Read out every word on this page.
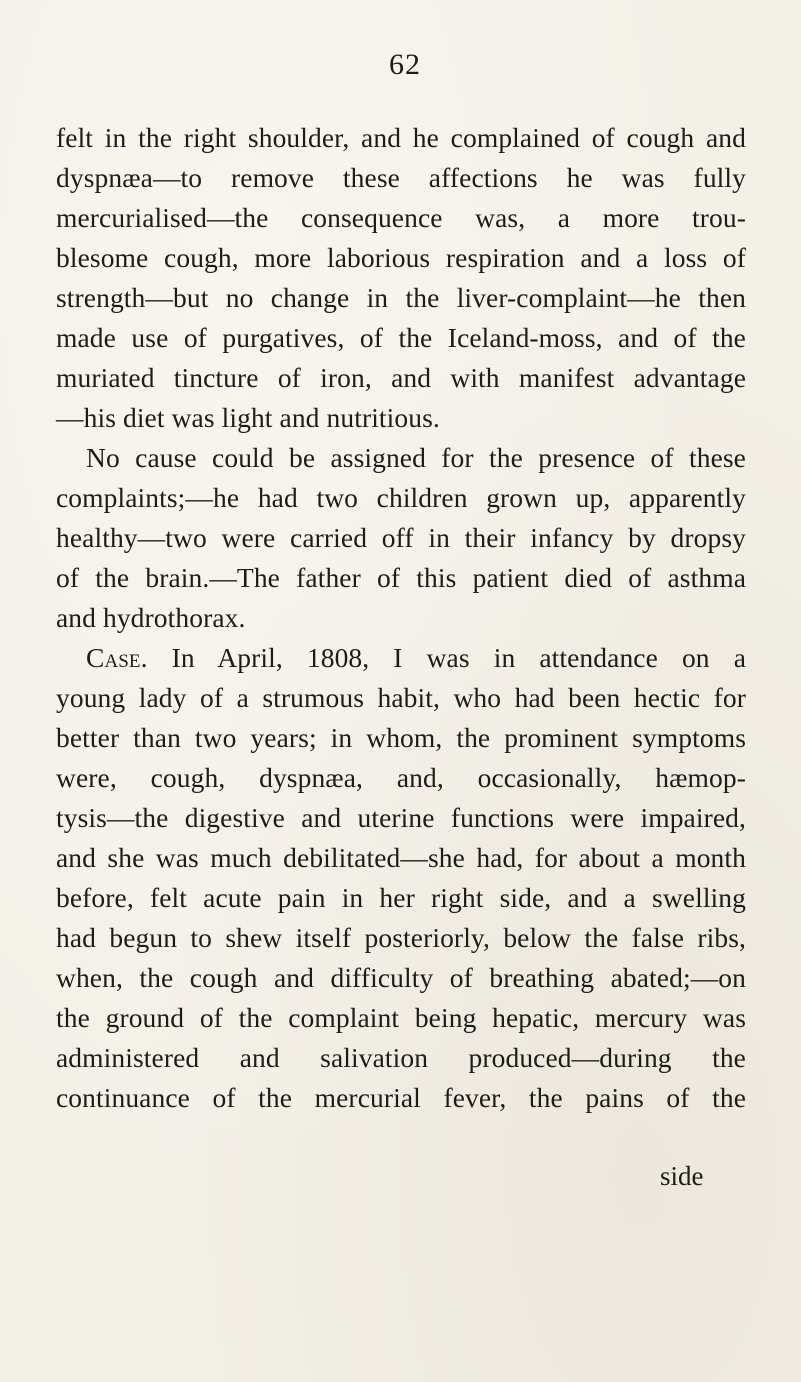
62
felt in the right shoulder, and he complained of cough and
dyspnæa—to remove these affections he was fully
mercurialised—the consequence was, a more trou-
blesome cough, more laborious respiration and a loss of
strength—but no change in the liver-complaint—he then
made use of purgatives, of the Iceland-moss, and of the
muriated tincture of iron, and with manifest advantage
—his diet was light and nutritious.
No cause could be assigned for the presence of these
complaints;—he had two children grown up, apparently
healthy—two were carried off in their infancy by dropsy
of the brain.—The father of this patient died of asthma
and hydrothorax.
Case. In April, 1808, I was in attendance on a
young lady of a strumous habit, who had been hectic for
better than two years; in whom, the prominent symptoms
were, cough, dyspnæa, and, occasionally, hæmop-
tysis—the digestive and uterine functions were impaired,
and she was much debilitated—she had, for about a month
before, felt acute pain in her right side, and a swelling
had begun to shew itself posteriorly, below the false ribs,
when, the cough and difficulty of breathing abated;—on
the ground of the complaint being hepatic, mercury was
administered and salivation produced—during the
continuance of the mercurial fever, the pains of the
side
